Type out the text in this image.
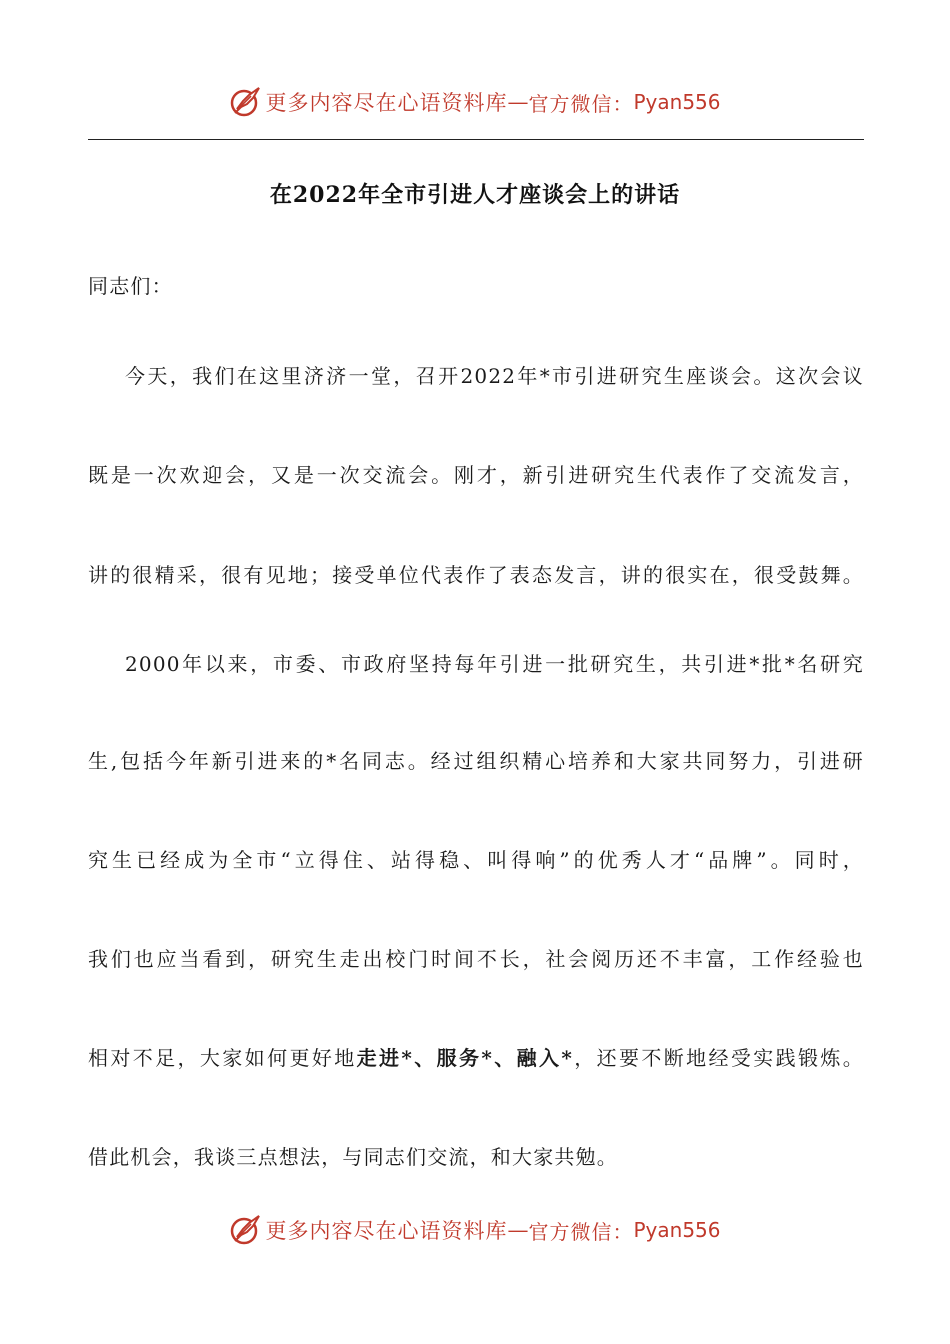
更多内容尽在心语资料库 — 官方微信： Pyan556
在2022年全市引进人才座谈会上的讲话
同志们：
今天，我们在这里济济一堂，召开2022年*市引进研究生座谈会。这次会议
既是一次欢迎会，又是一次交流会。刚才，新引进研究生代表作了交流发言，
讲的很精采，很有见地；接受单位代表作了表态发言，讲的很实在，很受鼓舞。
2000年以来，市委、市政府坚持每年引进一批研究生，共引进*批*名研究
生,包括今年新引进来的*名同志。经过组织精心培养和大家共同努力，引进研
究生已经成为全市“立得住、站得稳、叫得响”的优秀人才“品牌”。同时，
我们也应当看到，研究生走出校门时间不长，社会阅历还不丰富，工作经验也
相对不足，大家如何更好地走进*、服务*、融入*，还要不断地经受实践锻炼。
借此机会，我谈三点想法，与同志们交流，和大家共勉。
更多内容尽在心语资料库 — 官方微信： Pyan556
